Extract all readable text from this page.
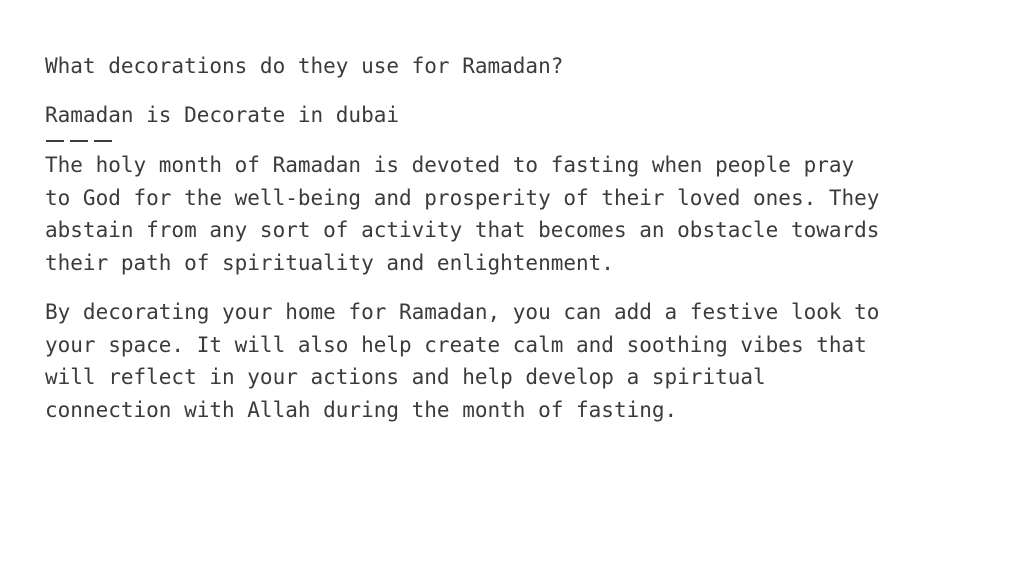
What decorations do they use for Ramadan?

Ramadan is Decorate in dubai

The holy month of Ramadan is devoted to fasting when people pray

to God for the well-being and prosperity of their loved ones. They

abstain from any sort of activity that becomes an obstacle towards

their path of spirituality and enlightenment.

By decorating your home for Ramadan, you can add a festive look to

your space. It will also help create calm and soothing vibes that

will reflect in your actions and help develop a spiritual

connection with Allah during the month of fasting.
